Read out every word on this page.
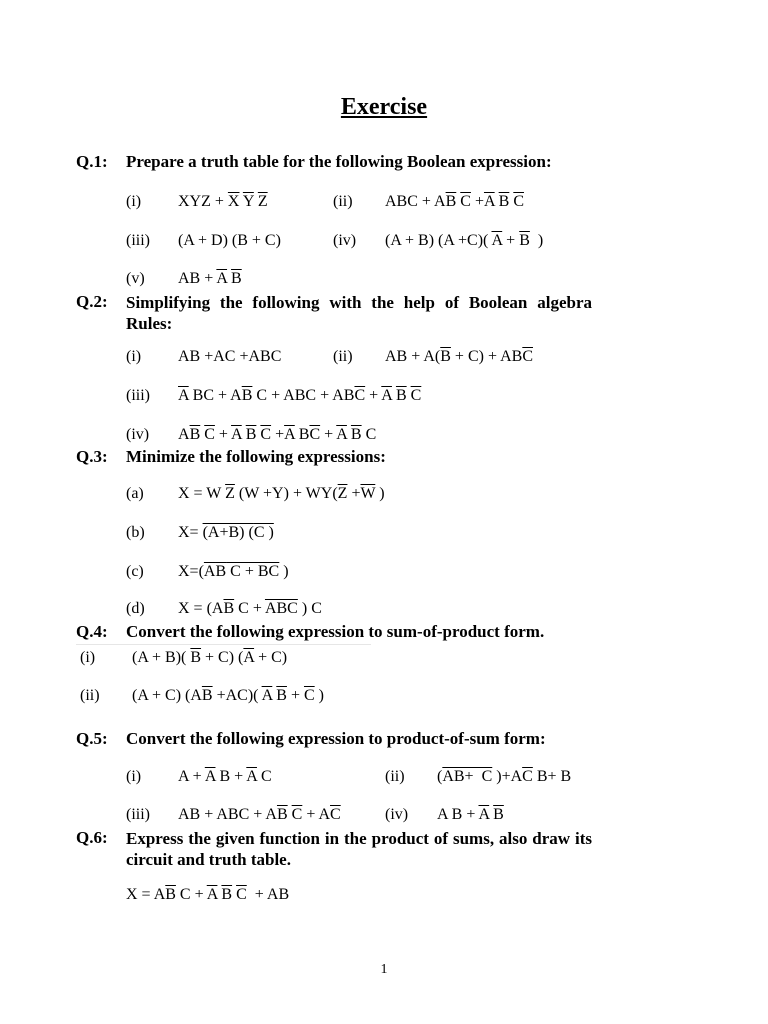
Exercise
Q.1: Prepare a truth table for the following Boolean expression:
(i) XYZ + $\overline{X}$ $\overline{Y}$ $\overline{Z}$	(ii) ABC + $A\overline{B}$ $\overline{C} +\overline{A}$ $\overline{B}$ $\overline{C}$
(iii) (A + D) (B + C)	(iv) (A + B) (A +C)( $\overline{A} + \overline{B}$  )
(v) AB + $\overline{A}$ $\overline{B}$
Q.2: Simplifying the following with the help of Boolean algebra Rules:
(i) AB +AC +ABC	(ii) AB + $A(\overline{B} + C) + AB\overline{C}$
(iii) $\overline{A}$ BC + $A\overline{B}$ C + ABC + $AB\overline{C} + \overline{A}$ $\overline{B}$ $\overline{C}$
(iv) $A\overline{B}$ $\overline{C} + \overline{A}$ $\overline{B}$ $\overline{C} +\overline{A}$ $B\overline{C} + \overline{A}$ $\overline{B}$ C
Q.3: Minimize the following expressions:
(a) X = W $\overline{Z}$ $(W +Y) + WY(\overline{Z} +\overline{W}$ )
(b) X= (A+B) (C )
(c) X=(AB C + BC )
(d) $X = (A\overline{B}$ $C + \overline{ABC}$ ) C
Q.4: Convert the following expression to sum-of-product form.
(i) (A + B)( $\overline{B} + C$) $(\overline{A} + C)$
(ii) (A + C) $(A\overline{B} +AC)$( $\overline{A}$ $\overline{B} + \overline{C}$ )
Q.5: Convert the following expression to product-of-sum form:
(i) $A + \overline{A}$ $B + \overline{A}$ C	(ii) (AB+  C )$+A\overline{C}$ B+ B
(iii) AB + ABC + $A\overline{B}$ $\overline{C} + A\overline{C}$	(iv) A $B + \overline{A}$ $\overline{B}$
Q.6: Express the given function in the product of sums, also draw its circuit and truth table.
$X = A\overline{B}$ $C + \overline{A}$ $\overline{B}$ $\overline{C}$  + AB
1
